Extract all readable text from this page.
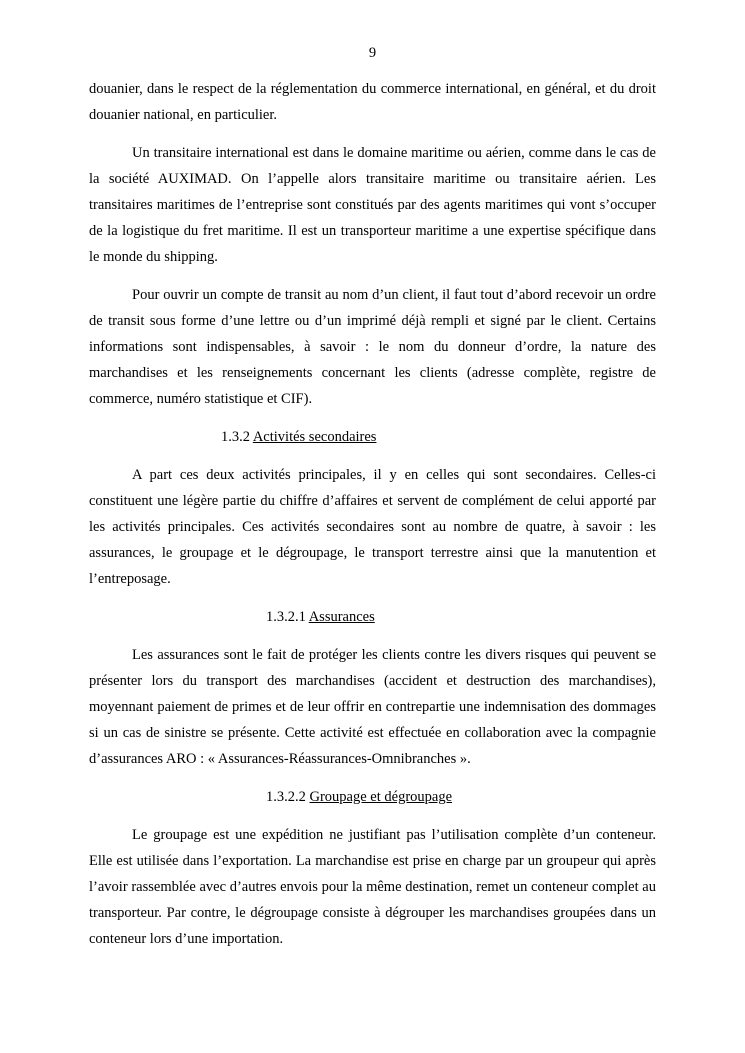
9

douanier, dans le respect de la réglementation du commerce international, en général, et du droit douanier national, en particulier.

Un transitaire international est dans le domaine maritime ou aérien, comme dans le cas de la société AUXIMAD. On l’appelle alors transitaire maritime ou transitaire aérien. Les transitaires maritimes de l’entreprise sont constitués par des agents maritimes qui vont s’occuper de la logistique du fret maritime. Il est un transporteur maritime a une expertise spécifique dans le monde du shipping.

Pour ouvrir un compte de transit au nom d’un client, il faut tout d’abord recevoir un ordre de transit sous forme d’une lettre ou d’un imprimé déjà rempli et signé par le client. Certains informations sont indispensables, à savoir : le nom du donneur d’ordre, la nature des marchandises et les renseignements concernant les clients (adresse complète, registre de commerce, numéro statistique et CIF).

1.3.2 Activités secondaires

A part ces deux activités principales, il y en celles qui sont secondaires. Celles-ci constituent une légère partie du chiffre d’affaires et servent de complément de celui apporté par les activités principales. Ces activités secondaires sont au nombre de quatre, à savoir : les assurances, le groupage et le dégroupage, le transport terrestre ainsi que la manutention et l’entreposage.

1.3.2.1 Assurances

Les assurances sont le fait de protéger les clients contre les divers risques qui peuvent se présenter lors du transport des marchandises (accident et destruction des marchandises), moyennant paiement de primes et de leur offrir en contrepartie une indemnisation des dommages si un cas de sinistre se présente. Cette activité est effectuée en collaboration avec la compagnie d’assurances ARO : « Assurances-Réassurances-Omnibranches ».

1.3.2.2 Groupage et dégroupage

Le groupage est une expédition ne justifiant pas l’utilisation complète d’un conteneur. Elle est utilisée dans l’exportation. La marchandise est prise en charge par un groupeur qui après l’avoir rassemblée avec d’autres envois pour la même destination, remet un conteneur complet au transporteur. Par contre, le dégroupage consiste à dégrouper les marchandises groupées dans un conteneur lors d’une importation.
